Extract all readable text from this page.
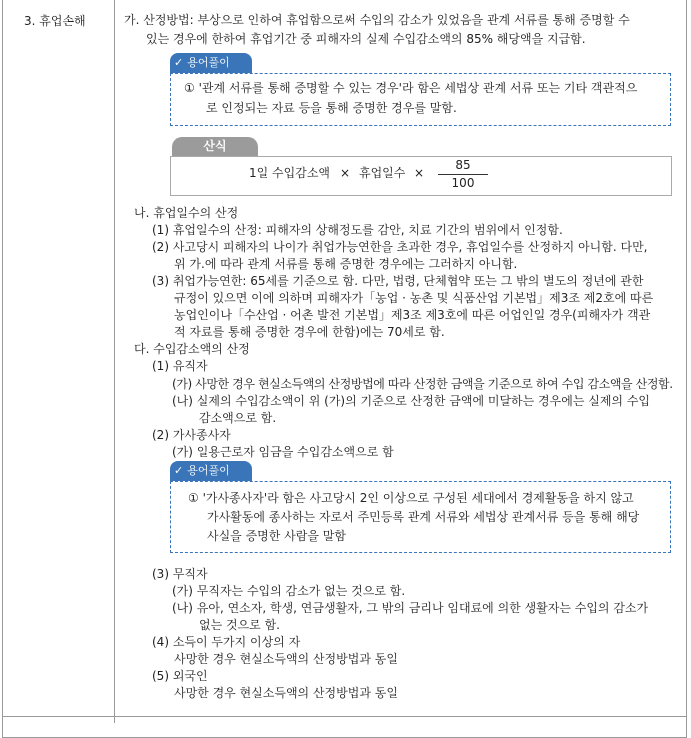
3. 휴업손해	가. 산정방법: 부상으로 인하여 휴업함으로써 수입의 감소가 있었음을 관계 서류를 통해 증명할 수
있는 경우에 한하여 휴업기간 중 피해자의 실제 수입감소액의 85% 해당액을 지급함.
✓ 용어풀이
① '관계 서류를 통해 증명할 수 있는 경우'라 함은 세법상 관계 서류 또는 기타 객관적으
로 인정되는 자료 등을 통해 증명한 경우를 말함.
산식
1일 수입감소액 × 휴업일수 ×
85
100
나. 휴업일수의 산정
(1) 휴업일수의 산정: 피해자의 상해정도를 감안, 치료 기간의 범위에서 인정함.
(2) 사고당시 피해자의 나이가 취업가능연한을 초과한 경우, 휴업일수를 산정하지 아니함. 다만,
위 가.에 따라 관계 서류를 통해 증명한 경우에는 그러하지 아니함.
(3) 취업가능연한: 65세를 기준으로 함. 다만, 법령, 단체협약 또는 그 밖의 별도의 정년에 관한
규정이 있으면 이에 의하며 피해자가「농업 · 농촌 및 식품산업 기본법」제3조 제2호에 따른
농업인이나「수산업 · 어촌 발전 기본법」제3조 제3호에 따른 어업인일 경우(피해자가 객관
적 자료를 통해 증명한 경우에 한함)에는 70세로 함.
다. 수입감소액의 산정
(1) 유직자
(가) 사망한 경우 현실소득액의 산정방법에 따라 산정한 금액을 기준으로 하여 수입 감소액을 산정함.
(나) 실제의 수입감소액이 위 (가)의 기준으로 산정한 금액에 미달하는 경우에는 실제의 수입
감소액으로 함.
(2) 가사종사자
(가) 일용근로자 임금을 수입감소액으로 함
✓ 용어풀이
① '가사종사자'라 함은 사고당시 2인 이상으로 구성된 세대에서 경제활동을 하지 않고
가사활동에 종사하는 자로서 주민등록 관계 서류와 세법상 관계서류 등을 통해 해당
사실을 증명한 사람을 말함
(3) 무직자
(가) 무직자는 수입의 감소가 없는 것으로 함.
(나) 유아, 연소자, 학생, 연금생활자, 그 밖의 금리나 임대료에 의한 생활자는 수입의 감소가
없는 것으로 함.
(4) 소득이 두가지 이상의 자
사망한 경우 현실소득액의 산정방법과 동일
(5) 외국인
사망한 경우 현실소득액의 산정방법과 동일
